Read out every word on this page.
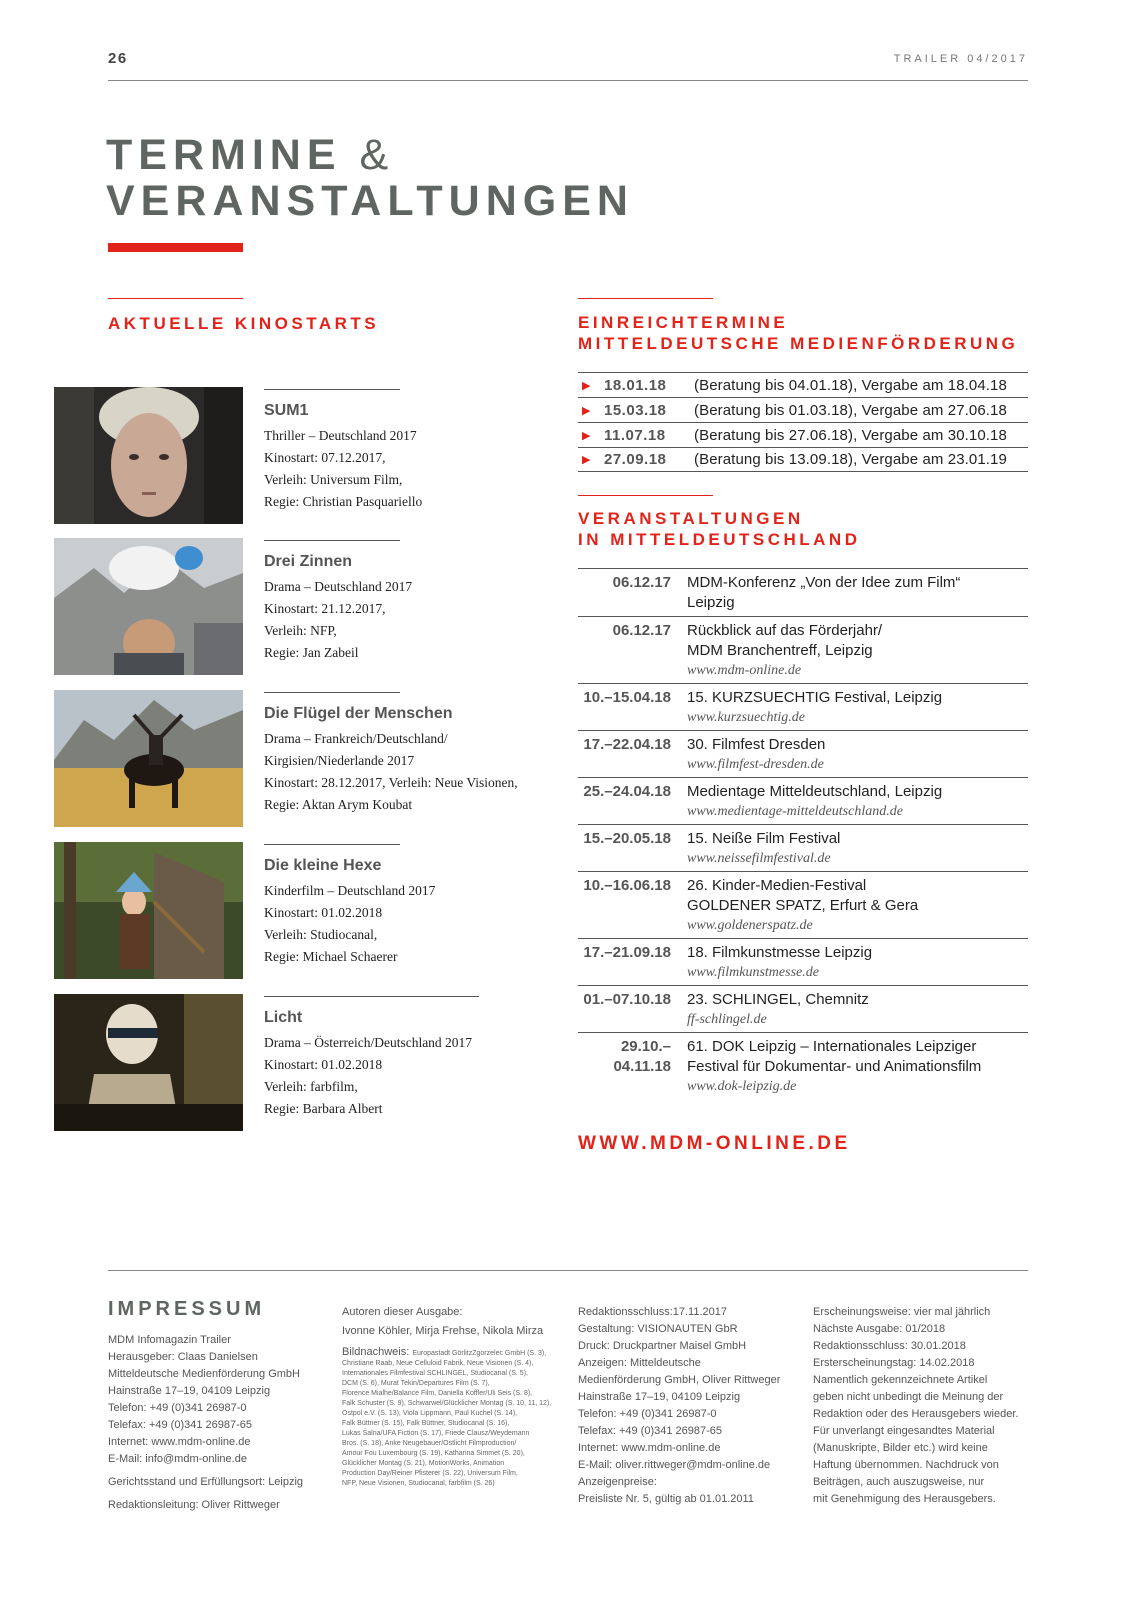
26	TRAILER 04/2017
TERMINE &
VERANSTALTUNGEN
AKTUELLE KINOSTARTS
SUM1
Thriller – Deutschland 2017
Kinostart: 07.12.2017,
Verleih: Universum Film,
Regie: Christian Pasquariello
Drei Zinnen
Drama – Deutschland 2017
Kinostart: 21.12.2017,
Verleih: NFP,
Regie: Jan Zabeil
Die Flügel der Menschen
Drama – Frankreich/Deutschland/
Kirgisien/Niederlande 2017
Kinostart: 28.12.2017, Verleih: Neue Visionen,
Regie: Aktan Arym Koubat
Die kleine Hexe
Kinderfilm – Deutschland 2017
Kinostart: 01.02.2018
Verleih: Studiocanal,
Regie: Michael Schaerer
Licht
Drama – Österreich/Deutschland 2017
Kinostart: 01.02.2018
Verleih: farbfilm,
Regie: Barbara Albert
EINREICHTERMINE
MITTELDEUTSCHE MEDIENFÖRDERUNG
▶ 18.01.18	(Beratung bis 04.01.18), Vergabe am 18.04.18
▶ 15.03.18	(Beratung bis 01.03.18), Vergabe am 27.06.18
▶ 11.07.18	(Beratung bis 27.06.18), Vergabe am 30.10.18
▶ 27.09.18	(Beratung bis 13.09.18), Vergabe am 23.01.19
VERANSTALTUNGEN
IN MITTELDEUTSCHLAND
06.12.17 MDM-Konferenz „Von der Idee zum Film“
Leipzig
06.12.17 Rückblick auf das Förderjahr/
MDM Branchentreff, Leipzig
www.mdm-online.de
10.–15.04.18 15. KURZSUECHTIG Festival, Leipzig
www.kurzsuechtig.de
17.–22.04.18 30. Filmfest Dresden
www.filmfest-dresden.de
25.–24.04.18 Medientage Mitteldeutschland, Leipzig
www.medientage-mitteldeutschland.de
15.–20.05.18 15. Neiße Film Festival
www.neissefilmfestival.de
10.–16.06.18 26. Kinder-Medien-Festival
GOLDENER SPATZ, Erfurt & Gera
www.goldenerspatz.de
17.–21.09.18 18. Filmkunstmesse Leipzig
www.filmkunstmesse.de
01.–07.10.18 23. SCHLINGEL, Chemnitz
ff-schlingel.de
29.10.–
04.11.18
61. DOK Leipzig – Internationales Leipziger
Festival für Dokumentar- und Animationsfilm
www.dok-leipzig.de
WWW.MDM-ONLINE.DE
IMPRESSUM
MDM Infomagazin Trailer
Herausgeber: Claas Danielsen
Mitteldeutsche Medienförderung GmbH
Hainstraße 17–19, 04109 Leipzig
Telefon: +49 (0)341 26987-0
Telefax: +49 (0)341 26987-65
Internet: www.mdm-online.de
E-Mail: info@mdm-online.de
Gerichtsstand und Erfüllungsort: Leipzig
Redaktionsleitung: Oliver Rittweger
Autoren dieser Ausgabe:
Ivonne Köhler, Mirja Frehse, Nikola Mirza
Bildnachweis: Europastadt GörlitzZgorzelec GmbH (S. 3),
Christiane Raab, Neue Celluloid Fabrik, Neue Visionen (S. 4),
Internationales Filmfestival SCHLINGEL, Studiocanal (S. 5),
DCM (S. 6), Murat Tekin/Departures Film (S. 7),
Florence Mialhe/Balance Film, Daniella Koffler/Uli Seis (S. 8),
Falk Schuster (S. 9), Schwarwel/Glücklicher Montag (S. 10, 11, 12),
Ostpol e.V. (S. 13), Viola Lippmann, Paul Kuchel (S. 14),
Falk Büttner (S. 15), Falk Büttner, Studiocanal (S. 16),
Lukas Šalna/UFA Fiction (S. 17), Friede Clausz/Weydemann
Bros. (S. 18), Anke Neugebauer/Ostlicht Filmproduction/
Amour Fou Luxembourg (S. 19), Katharina Simmet (S. 20),
Glücklicher Montag (S. 21), MotionWorks, Animation
Production Day/Reiner Pfisterer (S. 22), Universum Film,
NFP, Neue Visionen, Studiocanal, farbfilm (S. 26)
Redaktionsschluss:17.11.2017
Gestaltung: VISIONAUTEN GbR
Druck: Druckpartner Maisel GmbH
Anzeigen: Mitteldeutsche
Medienförderung GmbH, Oliver Rittweger
Hainstraße 17–19, 04109 Leipzig
Telefon: +49 (0)341 26987-0
Telefax: +49 (0)341 26987-65
Internet: www.mdm-online.de
E-Mail: oliver.rittweger@mdm-online.de
Anzeigenpreise:
Preisliste Nr. 5, gültig ab 01.01.2011
Erscheinungsweise: vier mal jährlich
Nächste Ausgabe: 01/2018
Redaktionsschluss: 30.01.2018
Ersterscheinungstag: 14.02.2018
Namentlich gekennzeichnete Artikel
geben nicht unbedingt die Meinung der
Redaktion oder des Herausgebers wieder.
Für unverlangt eingesandtes Material
(Manuskripte, Bilder etc.) wird keine
Haftung übernommen. Nachdruck von
Beiträgen, auch auszugsweise, nur
mit Genehmigung des Herausgebers.
